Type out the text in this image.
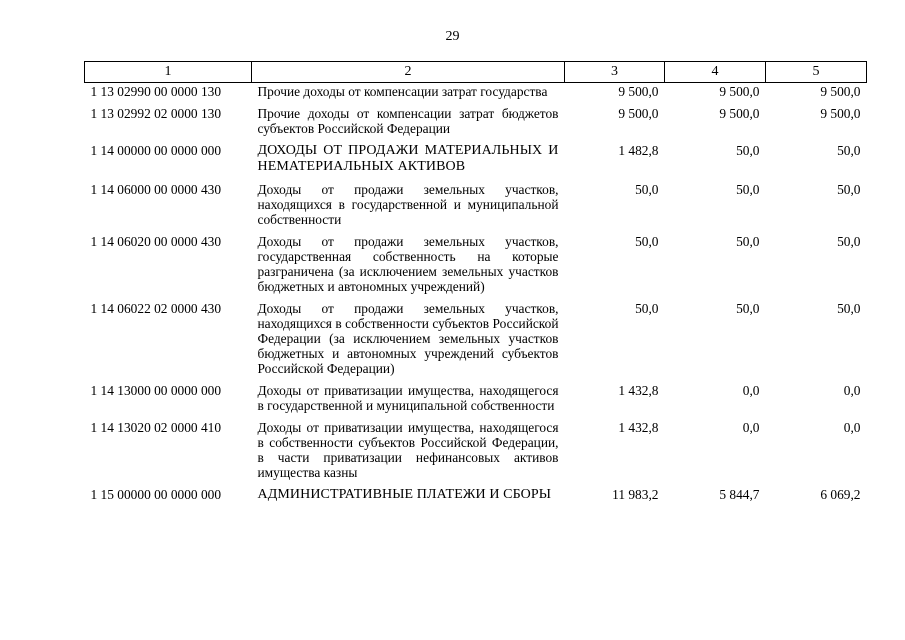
29
1	2	3	4	5
1 13 02990 00 0000 130	Прочие доходы от компенсации затрат государства	9 500,0	9 500,0	9 500,0
1 13 02992 02 0000 130	Прочие доходы от компенсации затрат бюджетов субъектов Российской Федерации	9 500,0	9 500,0	9 500,0
1 14 00000 00 0000 000	ДОХОДЫ ОТ ПРОДАЖИ МАТЕРИАЛЬНЫХ И НЕМАТЕРИАЛЬНЫХ АКТИВОВ	1 482,8	50,0	50,0
1 14 06000 00 0000 430	Доходы от продажи земельных участков, находящихся в государственной и муниципальной собственности	50,0	50,0	50,0
1 14 06020 00 0000 430	Доходы от продажи земельных участков, государственная собственность на которые разграничена (за исключением земельных участков бюджетных и автономных учреждений)	50,0	50,0	50,0
1 14 06022 02 0000 430	Доходы от продажи земельных участков, находящихся в собственности субъектов Российской Федерации (за исключением земельных участков бюджетных и автономных учреждений субъектов Российской Федерации)	50,0	50,0	50,0
1 14 13000 00 0000 000	Доходы от приватизации имущества, находящегося в государственной и муниципальной собственности	1 432,8	0,0	0,0
1 14 13020 02 0000 410	Доходы от приватизации имущества, находящегося в собственности субъектов Российской Федерации, в части приватизации нефинансовых активов имущества казны	1 432,8	0,0	0,0
1 15 00000 00 0000 000	АДМИНИСТРАТИВНЫЕ ПЛАТЕЖИ И СБОРЫ	11 983,2	5 844,7	6 069,2
